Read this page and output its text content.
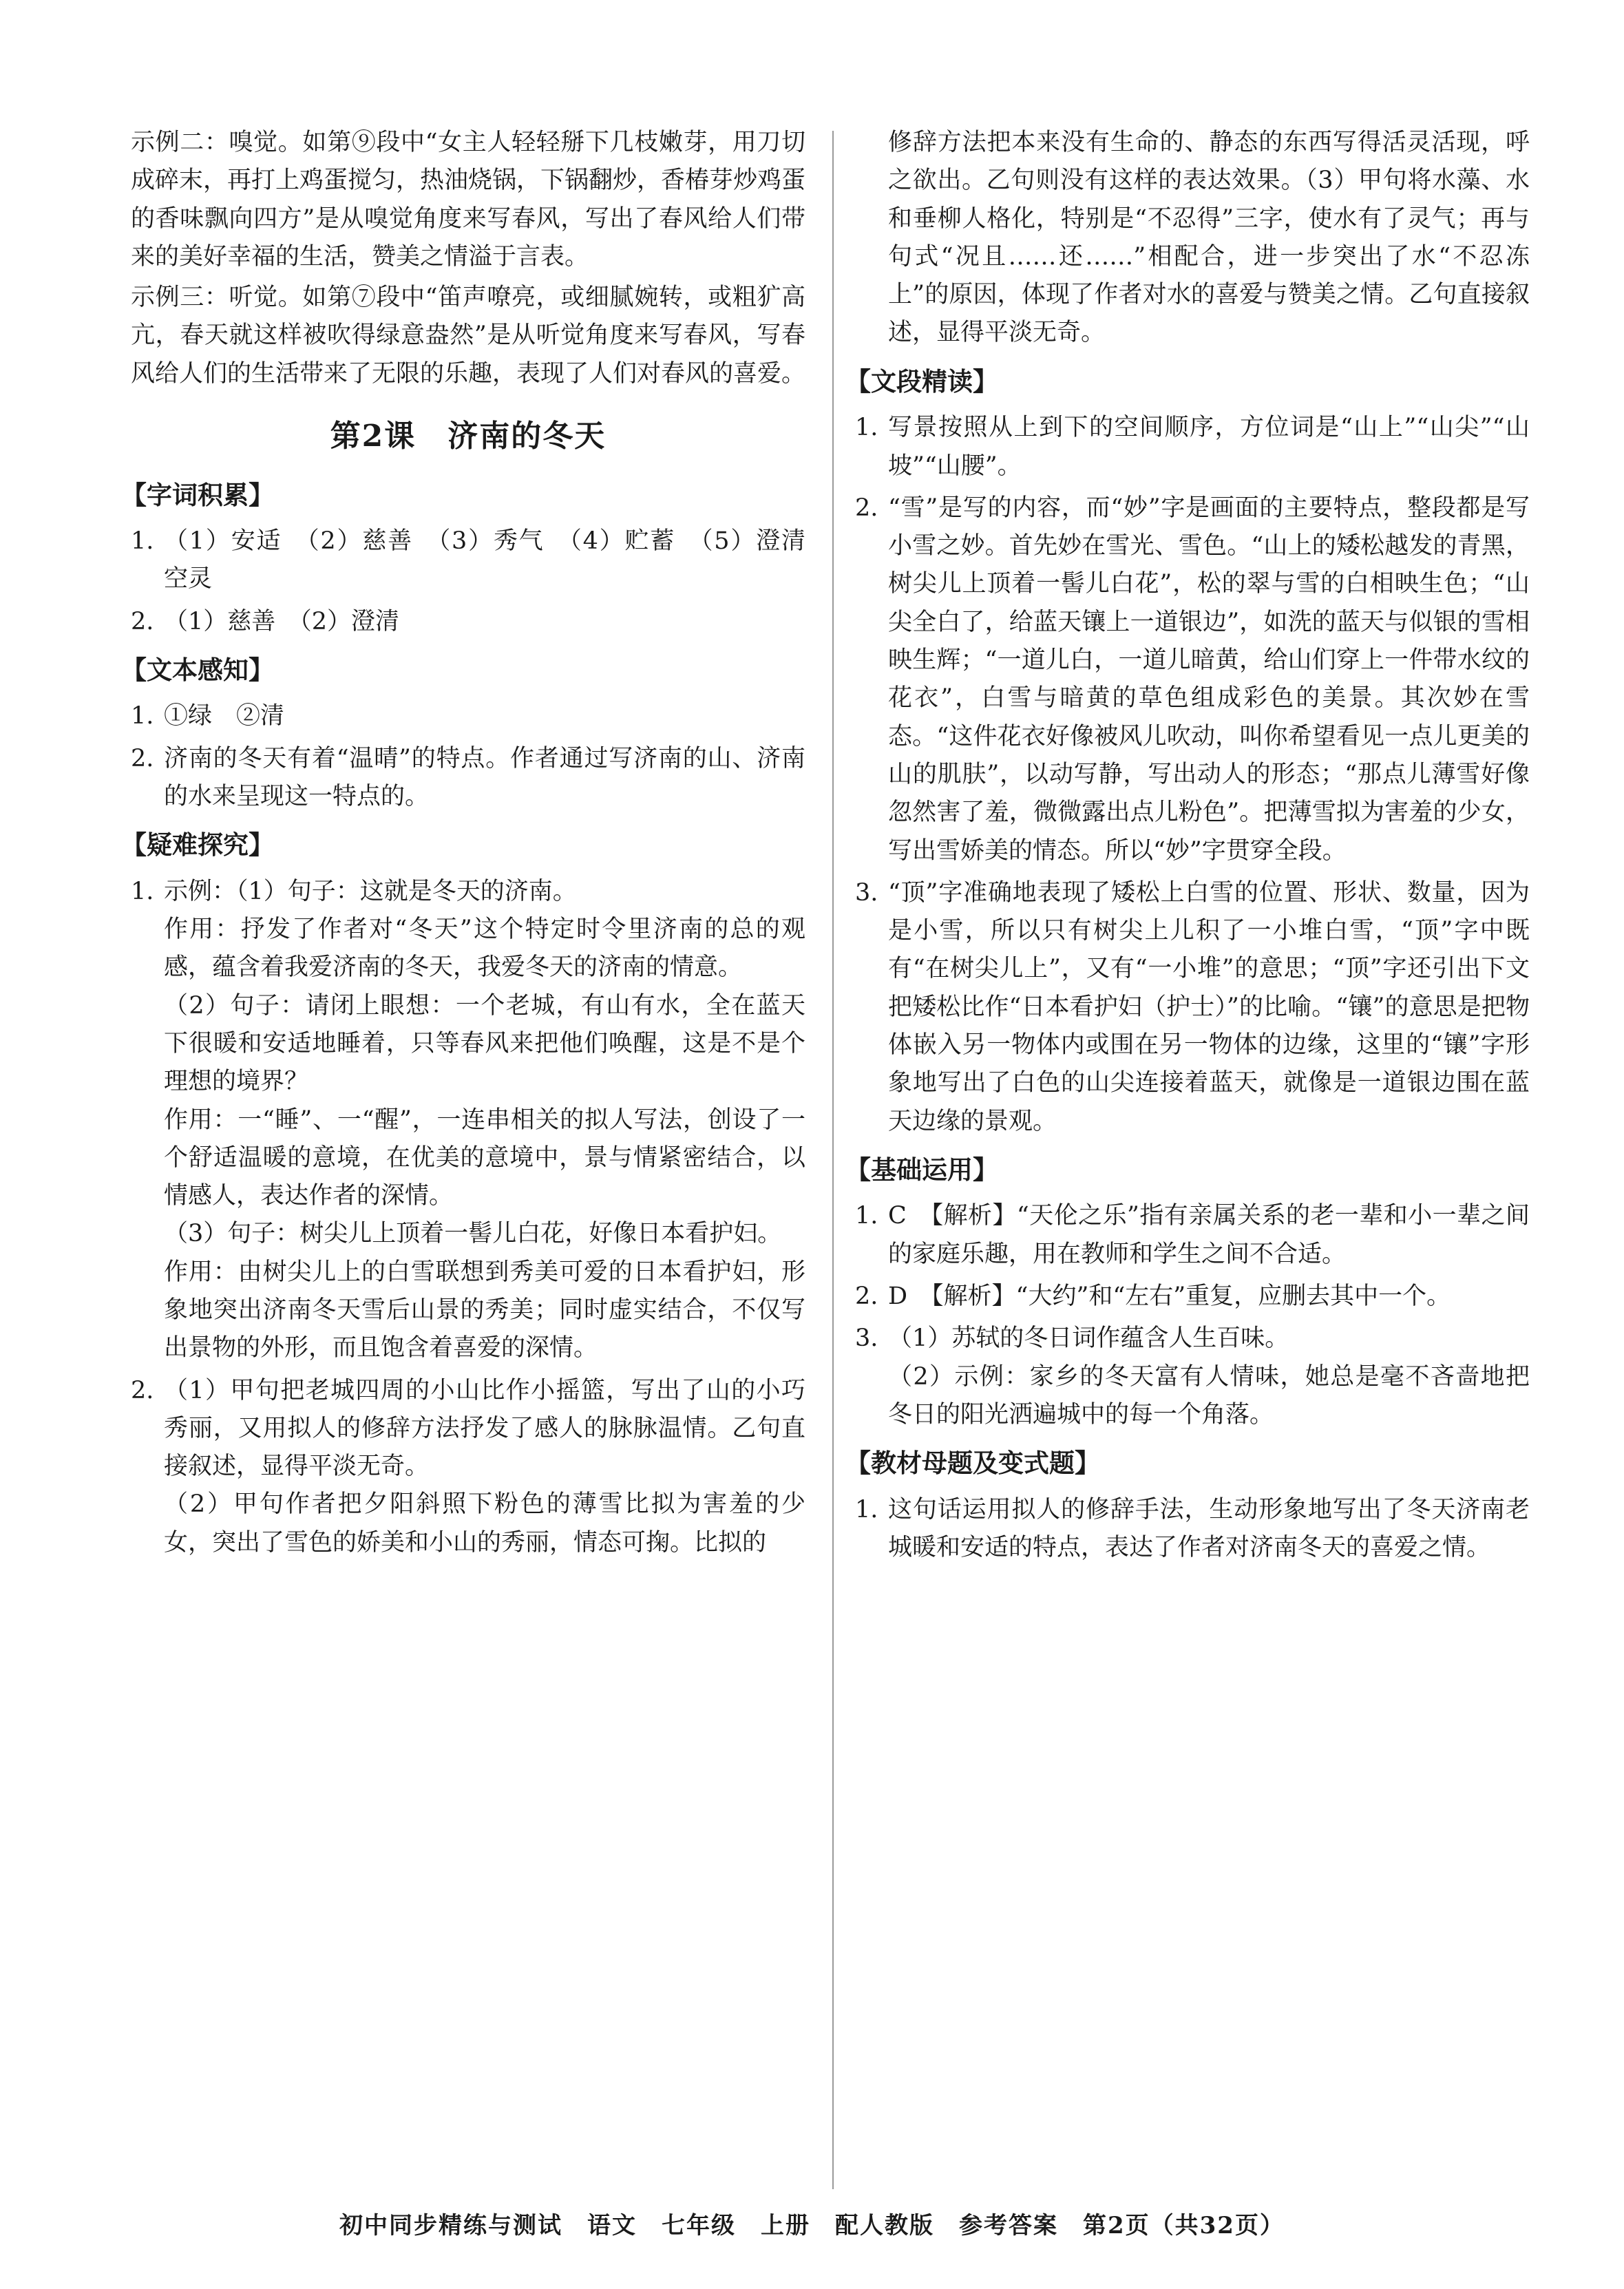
示例二：嗅觉。如第⑨段中“女主人轻轻掰下几枝嫩芽，用刀切成碎末，再打上鸡蛋搅匀，热油烧锅，下锅翻炒，香椿芽炒鸡蛋的香味飘向四方”是从嗅觉角度来写春风，写出了春风给人们带来的美好幸福的生活，赞美之情溢于言表。

示例三：听觉。如第⑦段中“笛声嘹亮，或细腻婉转，或粗犷高亢，春天就这样被吹得绿意盎然”是从听觉角度来写春风，写春风给人们的生活带来了无限的乐趣，表现了人们对春风的喜爱。

第2课　济南的冬天
【字词积累】
1. （1）安适　（2）慈善　（3）秀气　（4）贮蓄　（5）澄清　空灵
2. （1）慈善　（2）澄清
【文本感知】
1. ①绿　②清
2. 济南的冬天有着“温晴”的特点。作者通过写济南的山、济南的水来呈现这一特点的。
【疑难探究】
1. 示例：（1）句子：这就是冬天的济南。

作用：抒发了作者对“冬天”这个特定时令里济南的总的观感，蕴含着我爱济南的冬天，我爱冬天的济南的情意。

（2）句子：请闭上眼想：一个老城，有山有水，全在蓝天下很暖和安适地睡着，只等春风来把他们唤醒，这是不是个理想的境界？

作用：一“睡”、一“醒”，一连串相关的拟人写法，创设了一个舒适温暖的意境，在优美的意境中，景与情紧密结合，以情感人，表达作者的深情。

（3）句子：树尖儿上顶着一髻儿白花，好像日本看护妇。

作用：由树尖儿上的白雪联想到秀美可爱的日本看护妇，形象地突出济南冬天雪后山景的秀美；同时虚实结合，不仅写出景物的外形，而且饱含着喜爱的深情。

2. （1）甲句把老城四周的小山比作小摇篮，写出了山的小巧秀丽，又用拟人的修辞方法抒发了感人的脉脉温情。乙句直接叙述，显得平淡无奇。

（2）甲句作者把夕阳斜照下粉色的薄雪比拟为害羞的少女，突出了雪色的娇美和小山的秀丽，情态可掬。比拟的

修辞方法把本来没有生命的、静态的东西写得活灵活现，呼之欲出。乙句则没有这样的表达效果。（3）甲句将水藻、水和垂柳人格化，特别是“不忍得”三字，使水有了灵气；再与句式“况且……还……”相配合，进一步突出了水“不忍冻上”的原因，体现了作者对水的喜爱与赞美之情。乙句直接叙述，显得平淡无奇。

【文段精读】
1. 写景按照从上到下的空间顺序，方位词是“山上”“山尖”“山坡”“山腰”。
2. “雪”是写的内容，而“妙”字是画面的主要特点，整段都是写小雪之妙。首先妙在雪光、雪色。“山上的矮松越发的青黑，树尖儿上顶着一髻儿白花”，松的翠与雪的白相映生色；“山尖全白了，给蓝天镶上一道银边”，如洗的蓝天与似银的雪相映生辉；“一道儿白，一道儿暗黄，给山们穿上一件带水纹的花衣”，白雪与暗黄的草色组成彩色的美景。其次妙在雪态。“这件花衣好像被风儿吹动，叫你希望看见一点儿更美的山的肌肤”，以动写静，写出动人的形态；“那点儿薄雪好像忽然害了羞，微微露出点儿粉色”。把薄雪拟为害羞的少女，写出雪娇美的情态。所以“妙”字贯穿全段。
3. “顶”字准确地表现了矮松上白雪的位置、形状、数量，因为是小雪，所以只有树尖上儿积了一小堆白雪，“顶”字中既有“在树尖儿上”，又有“一小堆”的意思；“顶”字还引出下文把矮松比作“日本看护妇（护士）”的比喻。“镶”的意思是把物体嵌入另一物体内或围在另一物体的边缘，这里的“镶”字形象地写出了白色的山尖连接着蓝天，就像是一道银边围在蓝天边缘的景观。
【基础运用】
1. C　【解析】“天伦之乐”指有亲属关系的老一辈和小一辈之间的家庭乐趣，用在教师和学生之间不合适。
2. D　【解析】“大约”和“左右”重复，应删去其中一个。
3. （1）苏轼的冬日词作蕴含人生百味。

（2）示例：家乡的冬天富有人情味，她总是毫不吝啬地把冬日的阳光洒遍城中的每一个角落。

【教材母题及变式题】
1. 这句话运用拟人的修辞手法，生动形象地写出了冬天济南老城暖和安适的特点，表达了作者对济南冬天的喜爱之情。
初中同步精练与测试　语文　七年级　上册　配人教版　参考答案　第2页（共32页）
